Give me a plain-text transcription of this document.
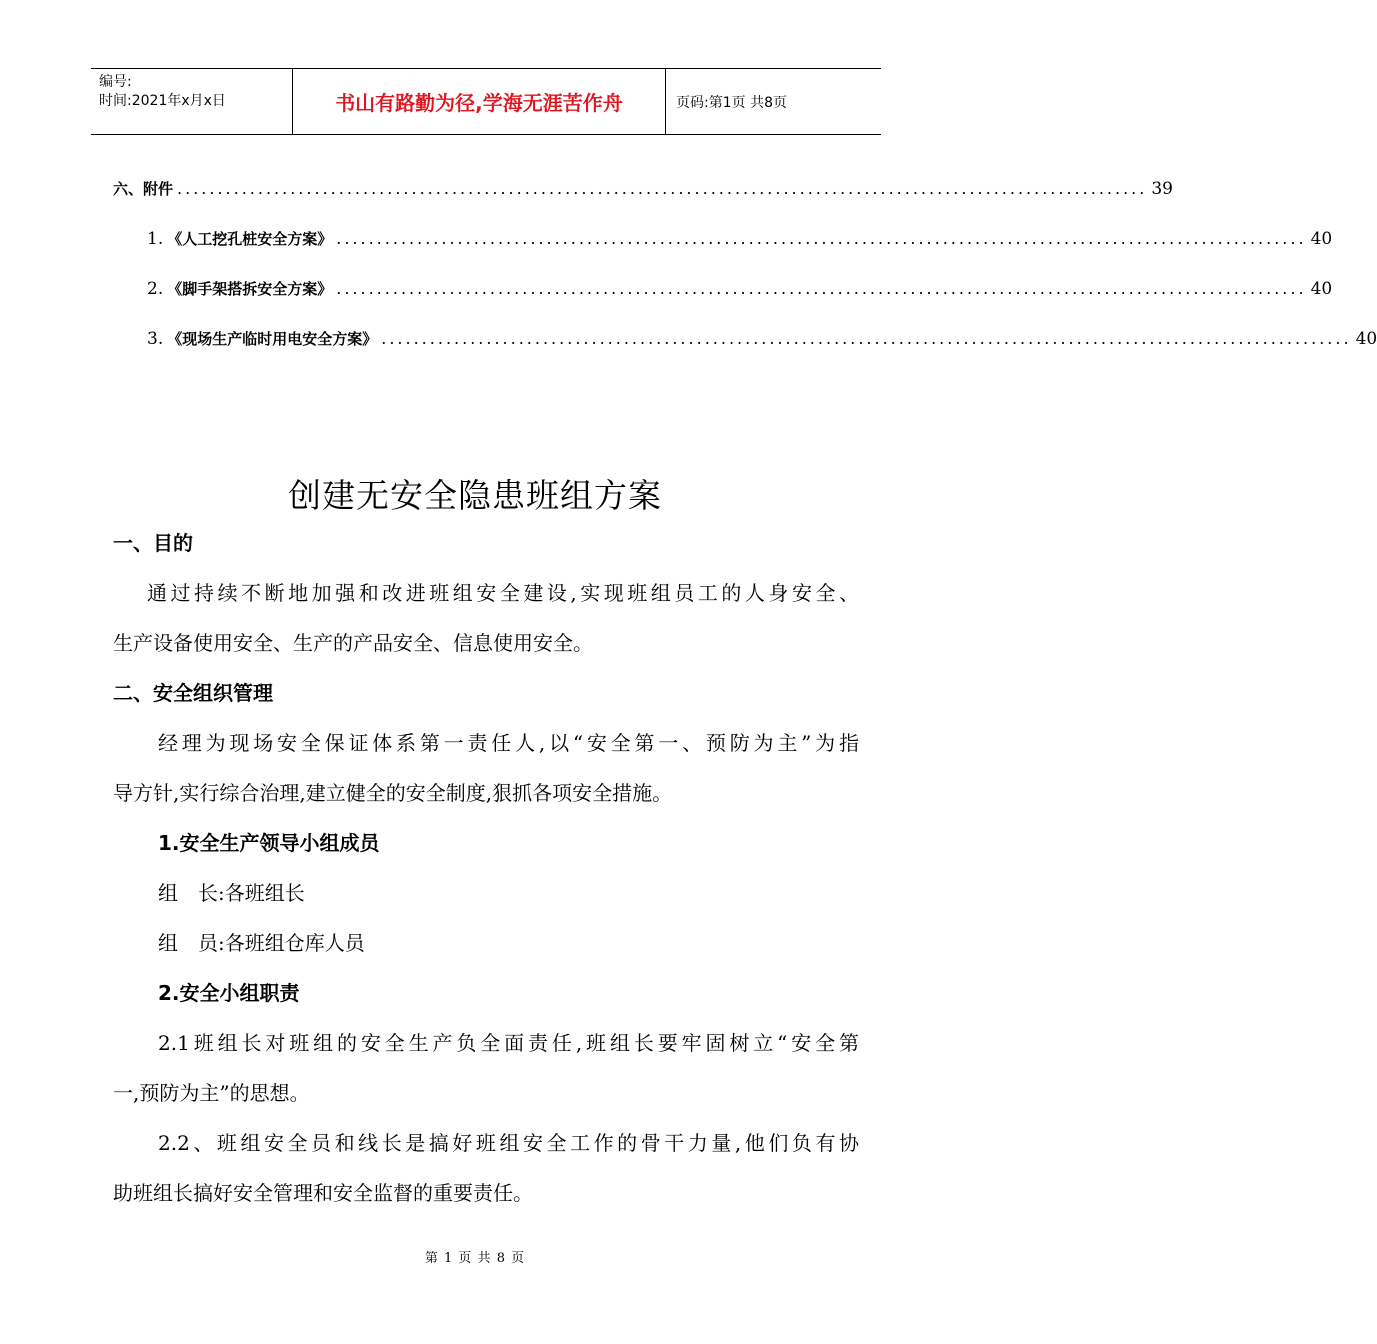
编号:
时间:2021年x月x日	书山有路勤为径,学海无涯苦作舟	页码:第1页 共8页
六、附件 ........................................................................................................................ 39
1. 《人工挖孔桩安全方案》 ........................................................................................................................ 40
2. 《脚手架搭拆安全方案》 ........................................................................................................................ 40
3. 《现场生产临时用电安全方案》 ........................................................................................................................ 40
创建无安全隐患班组方案
一、目的
通过持续不断地加强和改进班组安全建设,实现班组员工的人身安全、
生产设备使用安全、生产的产品安全、信息使用安全。
二、安全组织管理
经理为现场安全保证体系第一责任人,以“安全第一、预防为主”为指
导方针,实行综合治理,建立健全的安全制度,狠抓各项安全措施。
1.安全生产领导小组成员
组　长:各班组长
组　员:各班组仓库人员
2.安全小组职责
2.1班组长对班组的安全生产负全面责任,班组长要牢固树立“安全第
一,预防为主”的思想。
2.2、班组安全员和线长是搞好班组安全工作的骨干力量,他们负有协
助班组长搞好安全管理和安全监督的重要责任。
第 1 页 共 8 页
